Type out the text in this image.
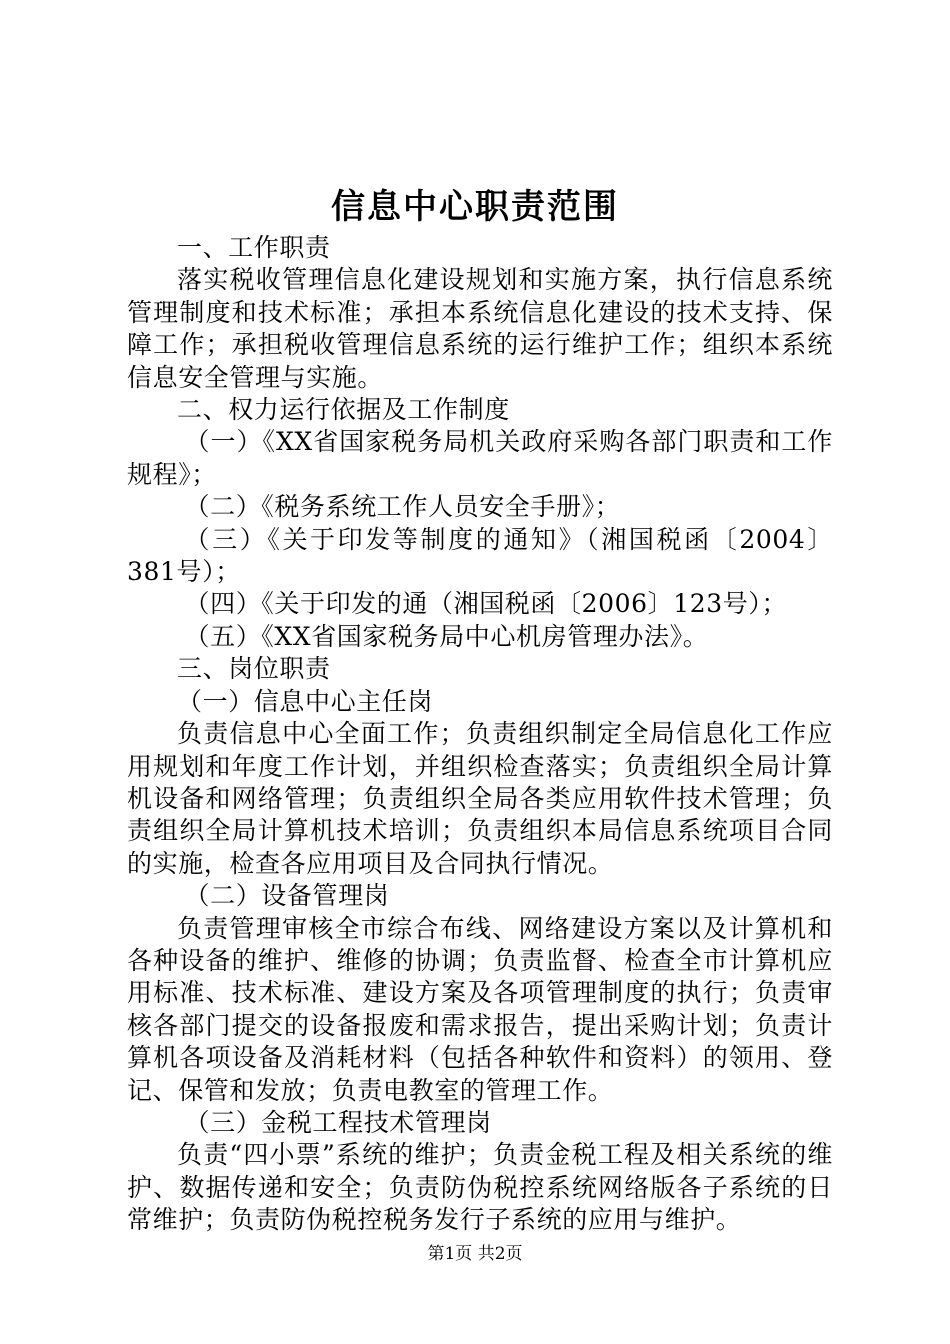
信息中心职责范围

一、工作职责

落实税收管理信息化建设规划和实施方案，执行信息系统管理制度和技术标准；承担本系统信息化建设的技术支持、保障工作；承担税收管理信息系统的运行维护工作；组织本系统信息安全管理与实施。

二、权力运行依据及工作制度

（一）《XX省国家税务局机关政府采购各部门职责和工作规程》；

（二）《税务系统工作人员安全手册》；

（三）《关于印发等制度的通知》（湘国税函〔2004〕381号）；

（四）《关于印发的通（湘国税函〔2006〕123号）；

（五）《XX省国家税务局中心机房管理办法》。

三、岗位职责

（一）信息中心主任岗

负责信息中心全面工作；负责组织制定全局信息化工作应用规划和年度工作计划，并组织检查落实；负责组织全局计算机设备和网络管理；负责组织全局各类应用软件技术管理；负责组织全局计算机技术培训；负责组织本局信息系统项目合同的实施，检查各应用项目及合同执行情况。

（二）设备管理岗

负责管理审核全市综合布线、网络建设方案以及计算机和各种设备的维护、维修的协调；负责监督、检查全市计算机应用标准、技术标准、建设方案及各项管理制度的执行；负责审核各部门提交的设备报废和需求报告，提出采购计划；负责计算机各项设备及消耗材料（包括各种软件和资料）的领用、登记、保管和发放；负责电教室的管理工作。

（三）金税工程技术管理岗

负责“四小票”系统的维护；负责金税工程及相关系统的维护、数据传递和安全；负责防伪税控系统网络版各子系统的日常维护；负责防伪税控税务发行子系统的应用与维护。

第1页 共2页
